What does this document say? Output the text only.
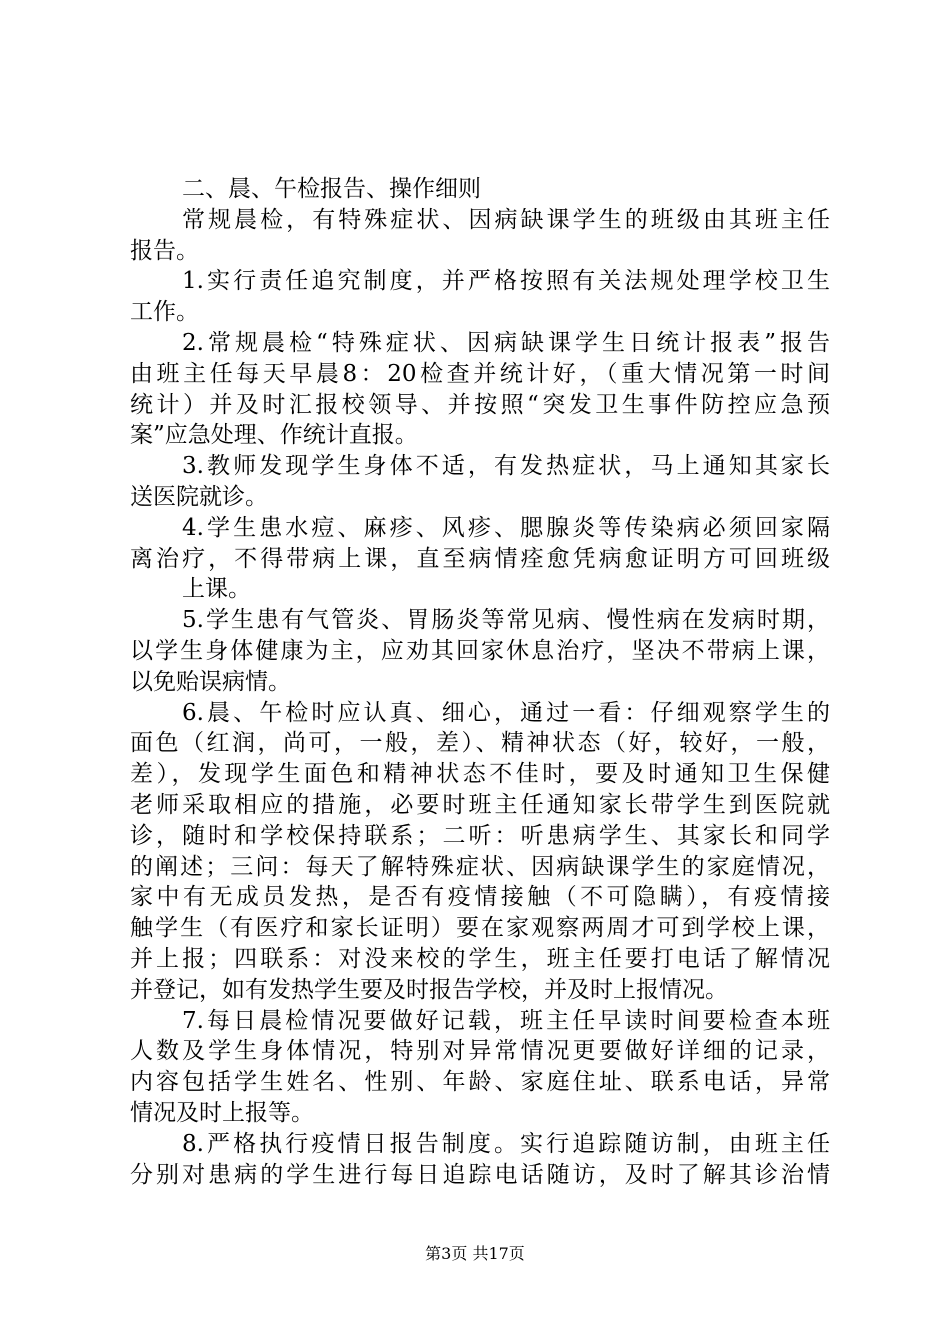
二、晨、午检报告、操作细则
常规晨检，有特殊症状、因病缺课学生的班级由其班主任
报告。
1.实行责任追究制度，并严格按照有关法规处理学校卫生
工作。
2.常规晨检“特殊症状、因病缺课学生日统计报表”报告
由班主任每天早晨8：20检查并统计好，（重大情况第一时间
统计）并及时汇报校领导、并按照“突发卫生事件防控应急预
案”应急处理、作统计直报。
3.教师发现学生身体不适，有发热症状，马上通知其家长
送医院就诊。
4.学生患水痘、麻疹、风疹、腮腺炎等传染病必须回家隔
离治疗，不得带病上课，直至病情痊愈凭病愈证明方可回班级
上课。
5.学生患有气管炎、胃肠炎等常见病、慢性病在发病时期，
以学生身体健康为主，应劝其回家休息治疗，坚决不带病上课，
以免贻误病情。
6.晨、午检时应认真、细心，通过一看：仔细观察学生的
面色（红润，尚可，一般，差）、精神状态（好，较好，一般，
差），发现学生面色和精神状态不佳时，要及时通知卫生保健
老师采取相应的措施，必要时班主任通知家长带学生到医院就
诊，随时和学校保持联系；二听：听患病学生、其家长和同学
的阐述；三问：每天了解特殊症状、因病缺课学生的家庭情况，
家中有无成员发热，是否有疫情接触（不可隐瞒），有疫情接
触学生（有医疗和家长证明）要在家观察两周才可到学校上课，
并上报；四联系：对没来校的学生，班主任要打电话了解情况
并登记，如有发热学生要及时报告学校，并及时上报情况。
7.每日晨检情况要做好记载，班主任早读时间要检查本班
人数及学生身体情况，特别对异常情况更要做好详细的记录，
内容包括学生姓名、性别、年龄、家庭住址、联系电话，异常
情况及时上报等。
8.严格执行疫情日报告制度。实行追踪随访制，由班主任
分别对患病的学生进行每日追踪电话随访，及时了解其诊治情
第3页 共17页
